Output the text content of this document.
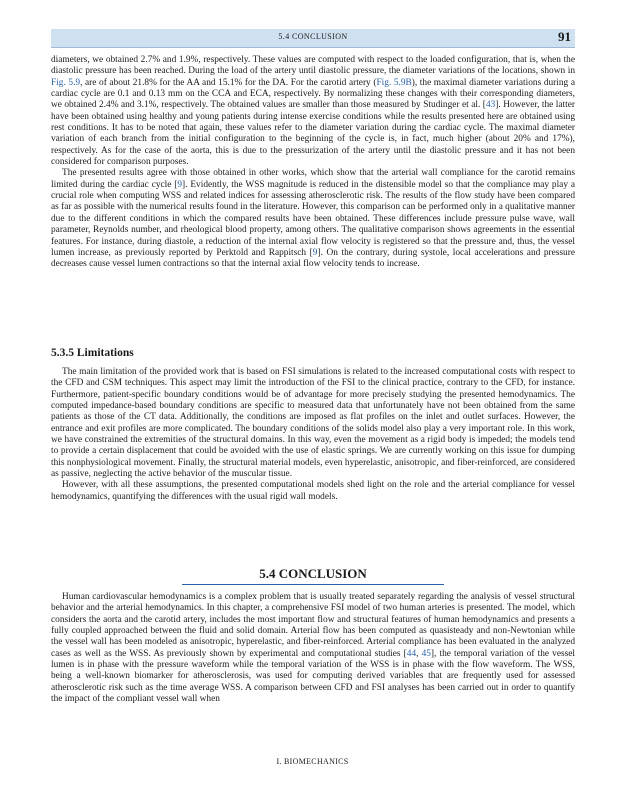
5.4 CONCLUSION	91

diameters, we obtained 2.7% and 1.9%, respectively. These values are computed with respect to the loaded configuration, that is, when the diastolic pressure has been reached. During the load of the artery until diastolic pressure, the diameter variations of the locations, shown in Fig. 5.9, are of about 21.8% for the AA and 15.1% for the DA. For the carotid artery (Fig. 5.9B), the maximal diameter variations during a cardiac cycle are 0.1 and 0.13 mm on the CCA and ECA, respectively. By normalizing these changes with their corresponding diameters, we obtained 2.4% and 3.1%, respectively. The obtained values are smaller than those measured by Studinger et al. [43]. However, the latter have been obtained using healthy and young patients during intense exercise conditions while the results presented here are obtained using rest conditions. It has to be noted that again, these values refer to the diameter variation during the cardiac cycle. The maximal diameter variation of each branch from the initial configuration to the beginning of the cycle is, in fact, much higher (about 20% and 17%), respectively. As for the case of the aorta, this is due to the pressurization of the artery until the diastolic pressure and it has not been considered for comparison purposes.

The presented results agree with those obtained in other works, which show that the arterial wall compliance for the carotid remains limited during the cardiac cycle [9]. Evidently, the WSS magnitude is reduced in the distensible model so that the compliance may play a crucial role when computing WSS and related indices for assessing atherosclerotic risk. The results of the flow study have been compared as far as possible with the numerical results found in the literature. However, this comparison can be performed only in a qualitative manner due to the different conditions in which the compared results have been obtained. These differences include pressure pulse wave, wall parameter, Reynolds number, and rheological blood property, among others. The qualitative comparison shows agreements in the essential features. For instance, during diastole, a reduction of the internal axial flow velocity is registered so that the pressure and, thus, the vessel lumen increase, as previously reported by Perktold and Rappitsch [9]. On the contrary, during systole, local accelerations and pressure decreases cause vessel lumen contractions so that the internal axial flow velocity tends to increase.

5.3.5 Limitations

The main limitation of the provided work that is based on FSI simulations is related to the increased computational costs with respect to the CFD and CSM techniques. This aspect may limit the introduction of the FSI to the clinical practice, contrary to the CFD, for instance. Furthermore, patient-specific boundary conditions would be of advantage for more precisely studying the presented hemodynamics. The computed impedance-based boundary conditions are specific to measured data that unfortunately have not been obtained from the same patients as those of the CT data. Additionally, the conditions are imposed as flat profiles on the inlet and outlet surfaces. However, the entrance and exit profiles are more complicated. The boundary conditions of the solids model also play a very important role. In this work, we have constrained the extremities of the structural domains. In this way, even the movement as a rigid body is impeded; the models tend to provide a certain displacement that could be avoided with the use of elastic springs. We are currently working on this issue for dumping this nonphysiological movement. Finally, the structural material models, even hyperelastic, anisotropic, and fiber-reinforced, are considered as passive, neglecting the active behavior of the muscular tissue.

However, with all these assumptions, the presented computational models shed light on the role and the arterial compliance for vessel hemodynamics, quantifying the differences with the usual rigid wall models.

5.4 CONCLUSION

Human cardiovascular hemodynamics is a complex problem that is usually treated separately regarding the analysis of vessel structural behavior and the arterial hemodynamics. In this chapter, a comprehensive FSI model of two human arteries is presented. The model, which considers the aorta and the carotid artery, includes the most important flow and structural features of human hemodynamics and presents a fully coupled approached between the fluid and solid domain. Arterial flow has been computed as quasisteady and non-Newtonian while the vessel wall has been modeled as anisotropic, hyperelastic, and fiber-reinforced. Arterial compliance has been evaluated in the analyzed cases as well as the WSS. As previously shown by experimental and computational studies [44, 45], the temporal variation of the vessel lumen is in phase with the pressure waveform while the temporal variation of the WSS is in phase with the flow waveform. The WSS, being a well-known biomarker for atherosclerosis, was used for computing derived variables that are frequently used for assessed atherosclerotic risk such as the time average WSS. A comparison between CFD and FSI analyses has been carried out in order to quantify the impact of the compliant vessel wall when

I. BIOMECHANICS
